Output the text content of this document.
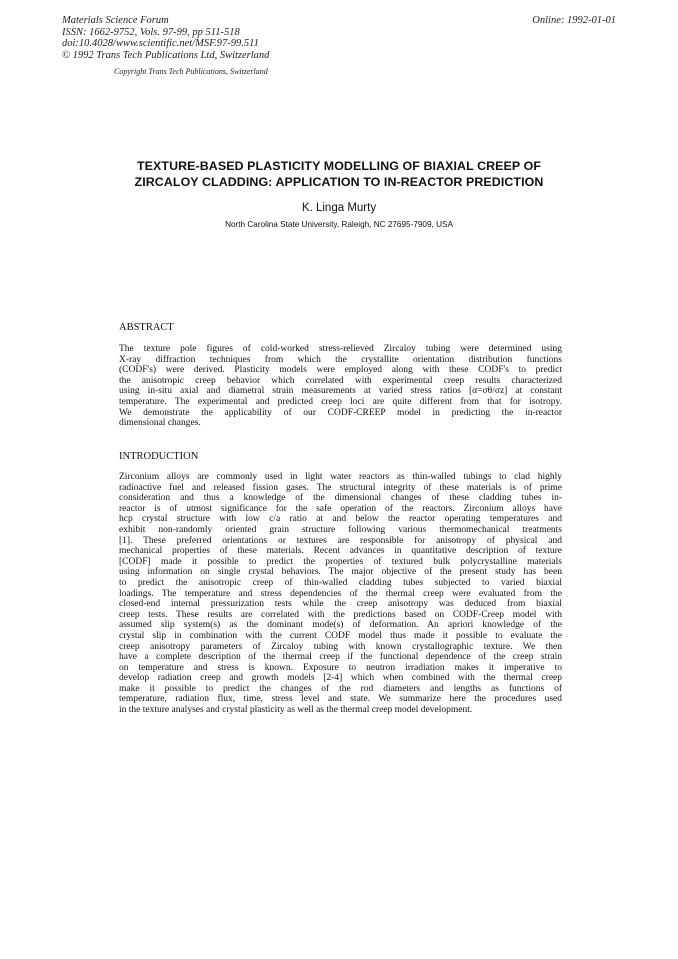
Materials Science Forum
ISSN: 1662-9752, Vols. 97-99, pp 511-518
doi:10.4028/www.scientific.net/MSF.97-99.511
© 1992 Trans Tech Publications Ltd, Switzerland
Online: 1992-01-01
Copyright Trans Tech Publications, Switzerland
TEXTURE-BASED PLASTICITY MODELLING OF BIAXIAL CREEP OF
ZIRCALOY CLADDING: APPLICATION TO IN-REACTOR PREDICTION
K. Linga Murty
North Carolina State University, Raleigh, NC 27695-7909, USA
ABSTRACT
The texture pole figures of cold-worked stress-relieved Zircaloy tubing were determined using
X-ray diffraction techniques from which the crystallite orientation distribution functions
(CODF's) were derived. Plasticity models were employed along with these CODF's to predict
the anisotropic creep behavior which correlated with experimental creep results characterized
using in-situ axial and diametral strain measurements at varied stress ratios [α=σθ/σz] at constant
temperature. The experimental and predicted creep loci are quite different from that for isotropy.
We demonstrate the applicability of our CODF-CREEP model in predicting the in-reactor
dimensional changes.
INTRODUCTION
Zirconium alloys are commonly used in light water reactors as thin-walled tubings to clad highly
radioactive fuel and released fission gases. The structural integrity of these materials is of prime
consideration and thus a knowledge of the dimensional changes of these cladding tubes in-
reactor is of utmost significance for the safe operation of the reactors. Zirconium alloys have
hcp crystal structure with low c/a ratio at and below the reactor operating temperatures and
exhibit non-randomly oriented grain structure following various thermomechanical treatments
[1]. These preferred orientations or textures are responsible for anisotropy of physical and
mechanical properties of these materials. Recent advances in quantitative description of texture
[CODF] made it possible to predict the properties of textured bulk polycrystalline materials
using information on single crystal behaviors. The major objective of the present study has been
to predict the anisotropic creep of thin-walled cladding tubes subjected to varied biaxial
loadings. The temperature and stress dependencies of the thermal creep were evaluated from the
closed-end internal pressurization tests while the creep anisotropy was deduced from biaxial
creep tests. These results are correlated with the predictions based on CODF-Creep model with
assumed slip system(s) as the dominant mode(s) of deformation. An apriori knowledge of the
crystal slip in combination with the current CODF model thus made it possible to evaluate the
creep anisotropy parameters of Zircaloy tubing with known crystallographic texture. We then
have a complete description of the thermal creep if the functional dependence of the creep strain
on temperature and stress is known. Exposure to neutron irradiation makes it imperative to
develop radiation creep and growth models [2-4] which when combined with the thermal creep
make it possible to predict the changes of the rod diameters and lengths as functions of
temperature, radiation flux, time, stress level and state. We summarize here the procedures used
in the texture analyses and crystal plasticity as well as the thermal creep model development.
